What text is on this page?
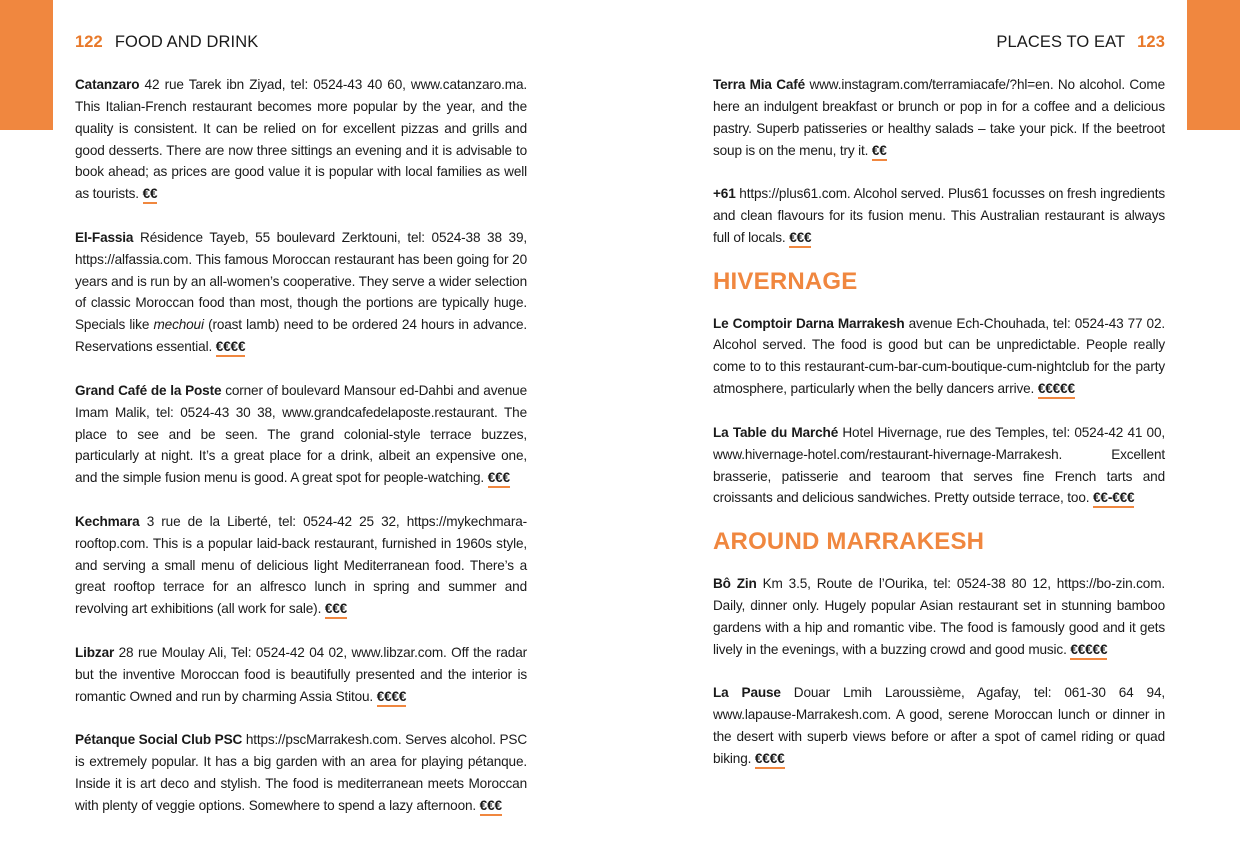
122 FOOD AND DRINK	PLACES TO EAT 123

Catanzaro 42 rue Tarek ibn Ziyad, tel: 0524-43 40 60, www.catanzaro.ma. This Italian-French restaurant becomes more popular by the year, and the quality is consistent. It can be relied on for excellent pizzas and grills and good desserts. There are now three sittings an evening and it is advisable to book ahead; as prices are good value it is popular with local families as well as tourists. €€

El-Fassia Résidence Tayeb, 55 boulevard Zerktouni, tel: 0524-38 38 39, https://alfassia.com. This famous Moroccan restaurant has been going for 20 years and is run by an all-women’s cooperative. They serve a wider selection of classic Moroccan food than most, though the portions are typically huge. Specials like mechoui (roast lamb) need to be ordered 24 hours in advance. Reservations essential. €€€€

Grand Café de la Poste corner of boulevard Mansour ed-Dahbi and avenue Imam Malik, tel: 0524-43 30 38, www.grandcafedelaposte.restaurant. The place to see and be seen. The grand colonial-style terrace buzzes, particularly at night. It’s a great place for a drink, albeit an expensive one, and the simple fusion menu is good. A great spot for people-watching. €€€

Kechmara 3 rue de la Liberté, tel: 0524-42 25 32, https://mykechmara-rooftop.com. This is a popular laid-back restaurant, furnished in 1960s style, and serving a small menu of delicious light Mediterranean food. There’s a great rooftop terrace for an alfresco lunch in spring and summer and revolving art exhibitions (all work for sale). €€€

Libzar 28 rue Moulay Ali, Tel: 0524-42 04 02, www.libzar.com. Off the radar but the inventive Moroccan food is beautifully presented and the interior is romantic Owned and run by charming Assia Stitou. €€€€

Pétanque Social Club PSC https://pscMarrakesh.com. Serves alcohol. PSC is extremely popular. It has a big garden with an area for playing pétanque. Inside it is art deco and stylish. The food is mediterranean meets Moroccan with plenty of veggie options. Somewhere to spend a lazy afternoon. €€€

Terra Mia Café www.instagram.com/terramiacafe/?hl=en. No alcohol. Come here an indulgent breakfast or brunch or pop in for a coffee and a delicious pastry. Superb patisseries or healthy salads – take your pick. If the beetroot soup is on the menu, try it. €€

+61 https://plus61.com. Alcohol served. Plus61 focusses on fresh ingredients and clean flavours for its fusion menu. This Australian restaurant is always full of locals. €€€

HIVERNAGE

Le Comptoir Darna Marrakesh avenue Ech-Chouhada, tel: 0524-43 77 02. Alcohol served. The food is good but can be unpredictable. People really come to to this restaurant-cum-bar-cum-boutique-cum-nightclub for the party atmosphere, particularly when the belly dancers arrive. €€€€€

La Table du Marché Hotel Hivernage, rue des Temples, tel: 0524-42 41 00, www.hivernage-hotel.com/restaurant-hivernage-Marrakesh. Excellent brasserie, patisserie and tearoom that serves fine French tarts and croissants and delicious sandwiches. Pretty outside terrace, too. €€-€€€

AROUND MARRAKESH

Bô Zin Km 3.5, Route de l’Ourika, tel: 0524-38 80 12, https://bo-zin.com. Daily, dinner only. Hugely popular Asian restaurant set in stunning bamboo gardens with a hip and romantic vibe. The food is famously good and it gets lively in the evenings, with a buzzing crowd and good music. €€€€€

La Pause Douar Lmih Laroussième, Agafay, tel: 061-30 64 94, www.lapause-Marrakesh.com. A good, serene Moroccan lunch or dinner in the desert with superb views before or after a spot of camel riding or quad biking. €€€€
